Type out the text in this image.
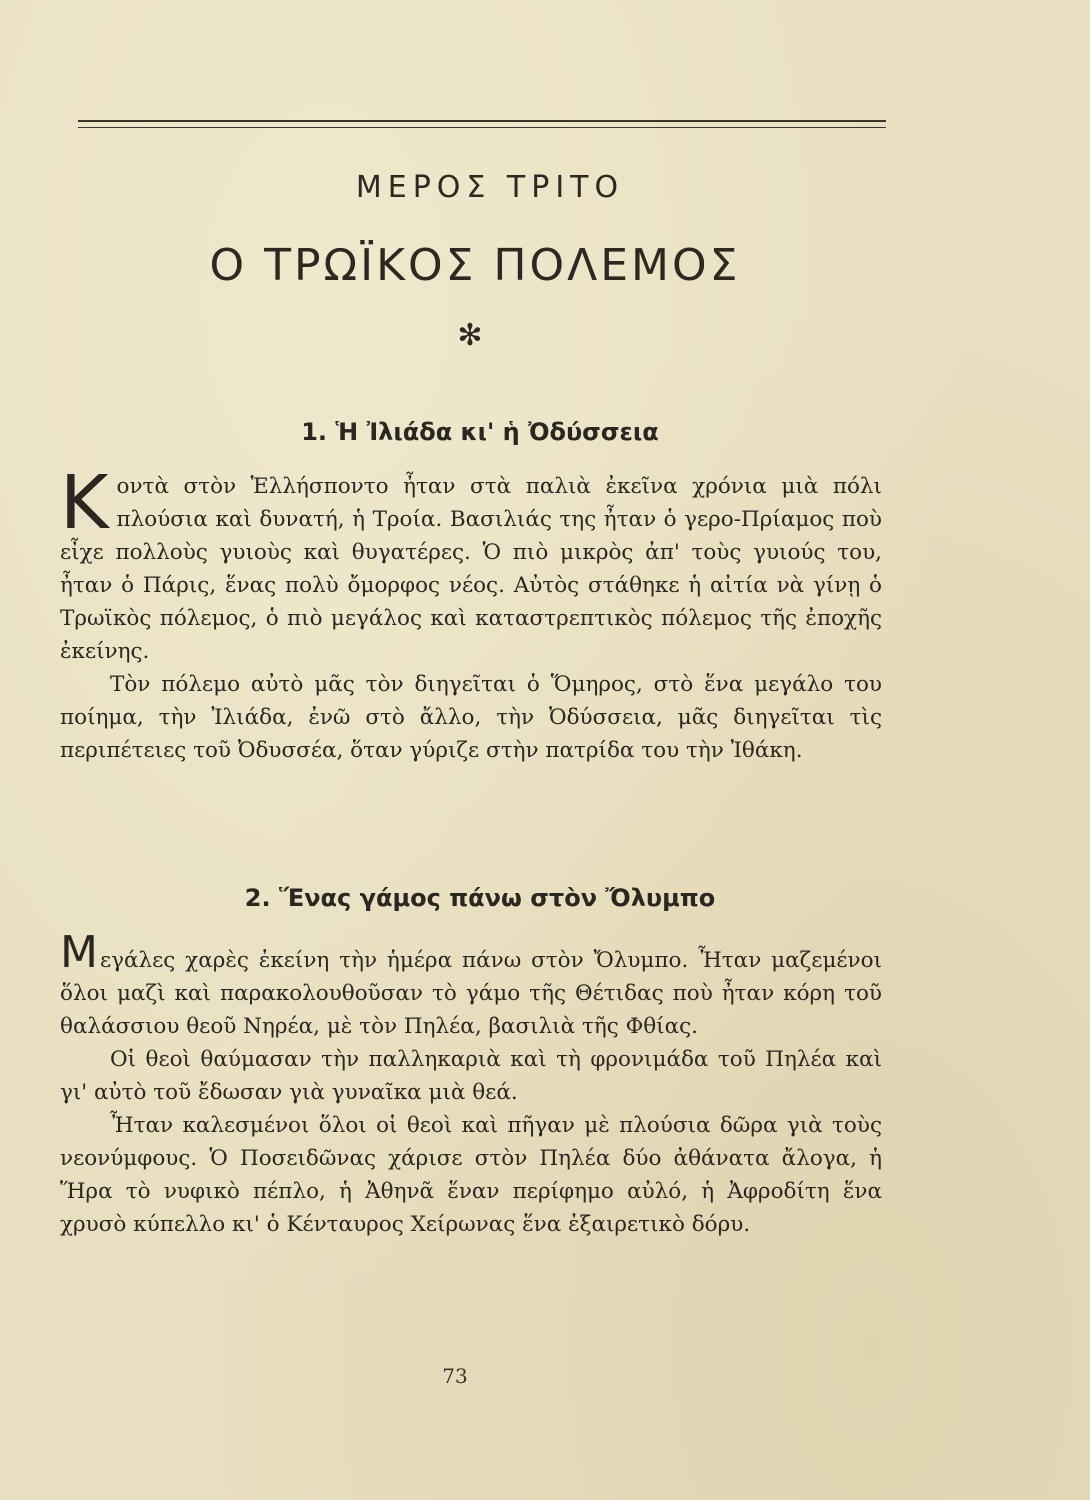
ΜΕΡΟΣ ΤΡΙΤΟ
Ο ΤΡΩΪΚΟΣ ΠΟΛΕΜΟΣ
✻
1. Ἡ Ἰλιάδα κι' ἡ Ὀδύσσεια

Κοντὰ στὸν Ἑλλήσποντο ἦταν στὰ παλιὰ ἐκεῖνα χρόνια μιὰ πόλι πλούσια καὶ δυνατή, ἡ Τροία. Βασιλιάς της ἦταν ὁ γερο-Πρίαμος ποὺ εἶχε πολλοὺς γυιοὺς καὶ θυγατέρες. Ὁ πιὸ μικρὸς ἀπ' τοὺς γυιούς του, ἦταν ὁ Πάρις, ἕνας πολὺ ὄμορφος νέος. Αὐτὸς στάθηκε ἡ αἰτία νὰ γίνῃ ὁ Τρωϊκὸς πόλεμος, ὁ πιὸ μεγάλος καὶ καταστρεπτικὸς πόλεμος τῆς ἐποχῆς ἐκείνης.

Τὸν πόλεμο αὐτὸ μᾶς τὸν διηγεῖται ὁ Ὅμηρος, στὸ ἕνα μεγάλο του ποίημα, τὴν Ἰλιάδα, ἐνῶ στὸ ἄλλο, τὴν Ὀδύσσεια, μᾶς διηγεῖται τὶς περιπέτειες τοῦ Ὀδυσσέα, ὅταν γύριζε στὴν πατρίδα του τὴν Ἰθάκη.

2. Ἕνας γάμος πάνω στὸν Ὄλυμπο

Μεγάλες χαρὲς ἐκείνη τὴν ἡμέρα πάνω στὸν Ὄλυμπο. Ἦταν μαζεμένοι ὅλοι μαζὶ καὶ παρακολουθοῦσαν τὸ γάμο τῆς Θέτιδας ποὺ ἦταν κόρη τοῦ θαλάσσιου θεοῦ Νηρέα, μὲ τὸν Πηλέα, βασιλιὰ τῆς Φθίας.

Οἱ θεοὶ θαύμασαν τὴν παλληκαριὰ καὶ τὴ φρονιμάδα τοῦ Πηλέα καὶ γι' αὐτὸ τοῦ ἔδωσαν γιὰ γυναῖκα μιὰ θεά.

Ἦταν καλεσμένοι ὅλοι οἱ θεοὶ καὶ πῆγαν μὲ πλούσια δῶρα γιὰ τοὺς νεονύμφους. Ὁ Ποσειδῶνας χάρισε στὸν Πηλέα δύο ἀθάνατα ἄλογα, ἡ Ἥρα τὸ νυφικὸ πέπλο, ἡ Ἀθηνᾶ ἕναν περίφημο αὐλό, ἡ Ἀφροδίτη ἕνα χρυσὸ κύπελλο κι' ὁ Κένταυρος Χείρωνας ἕνα ἐξαιρετικὸ δόρυ.

73
